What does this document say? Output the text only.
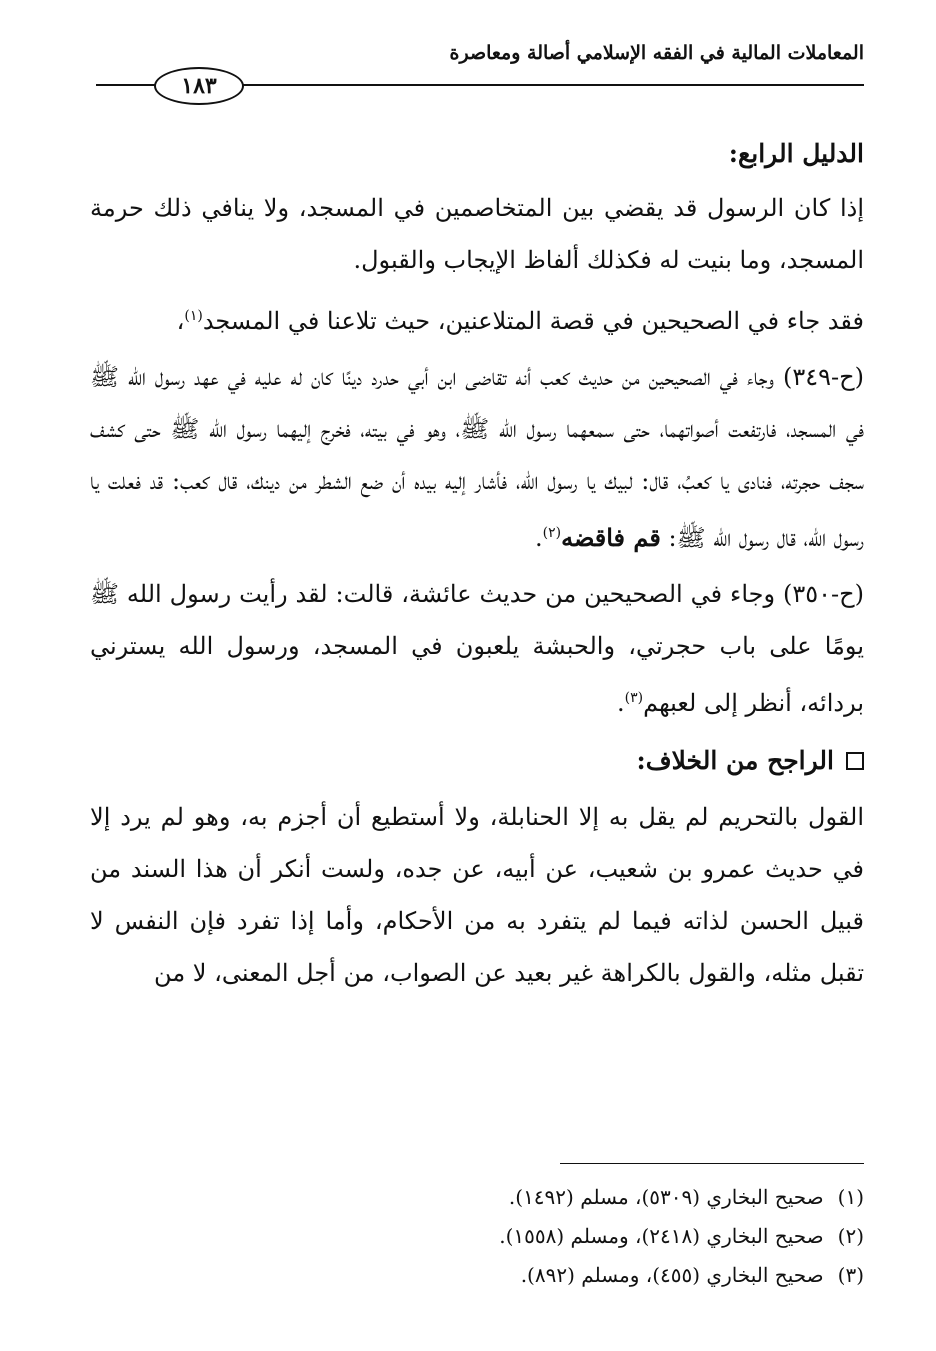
المعاملات المالية في الفقه الإسلامي أصالة ومعاصرة
١٨٣
الدليل الرابع:

إذا كان الرسول قد يقضي بين المتخاصمين في المسجد، ولا ينافي ذلك حرمة المسجد، وما بنيت له فكذلك ألفاظ الإيجاب والقبول.

فقد جاء في الصحيحين في قصة المتلاعنين، حيث تلاعنا في المسجد$^{(١)}$،

(ح-٣٤٩) وجاء في الصحيحين من حديث كعب أنه تقاضى ابن أبي حدرد دينًا كان له عليه في عهد رسول الله ﷺ في المسجد، فارتفعت أصواتهما، حتى سمعهما رسول الله ﷺ، وهو في بيته، فخرج إليهما رسول الله ﷺ حتى كشف سجف حجرته، فنادى يا كعبُ، قال: لبيك يا رسول الله، فأشار إليه بيده أن ضع الشطر من دينك، قال كعب: قد فعلت يا رسول الله، قال رسول الله ﷺ: قم فاقضه$^{(٢)}$.

(ح-٣٥٠) وجاء في الصحيحين من حديث عائشة، قالت: لقد رأيت رسول الله ﷺ يومًا على باب حجرتي، والحبشة يلعبون في المسجد، ورسول الله يسترني بردائه، أنظر إلى لعبهم$^{(٣)}$.

الراجح من الخلاف:

القول بالتحريم لم يقل به إلا الحنابلة، ولا أستطيع أن أجزم به، وهو لم يرد إلا في حديث عمرو بن شعيب، عن أبيه، عن جده، ولست أنكر أن هذا السند من قبيل الحسن لذاته فيما لم يتفرد به من الأحكام، وأما إذا تفرد فإن النفس لا تقبل مثله، والقول بالكراهة غير بعيد عن الصواب، من أجل المعنى، لا من

(١)صحيح البخاري (٥٣٠٩)، مسلم (١٤٩٢).
(٢)صحيح البخاري (٢٤١٨)، ومسلم (١٥٥٨).
(٣)صحيح البخاري (٤٥٥)، ومسلم (٨٩٢).
